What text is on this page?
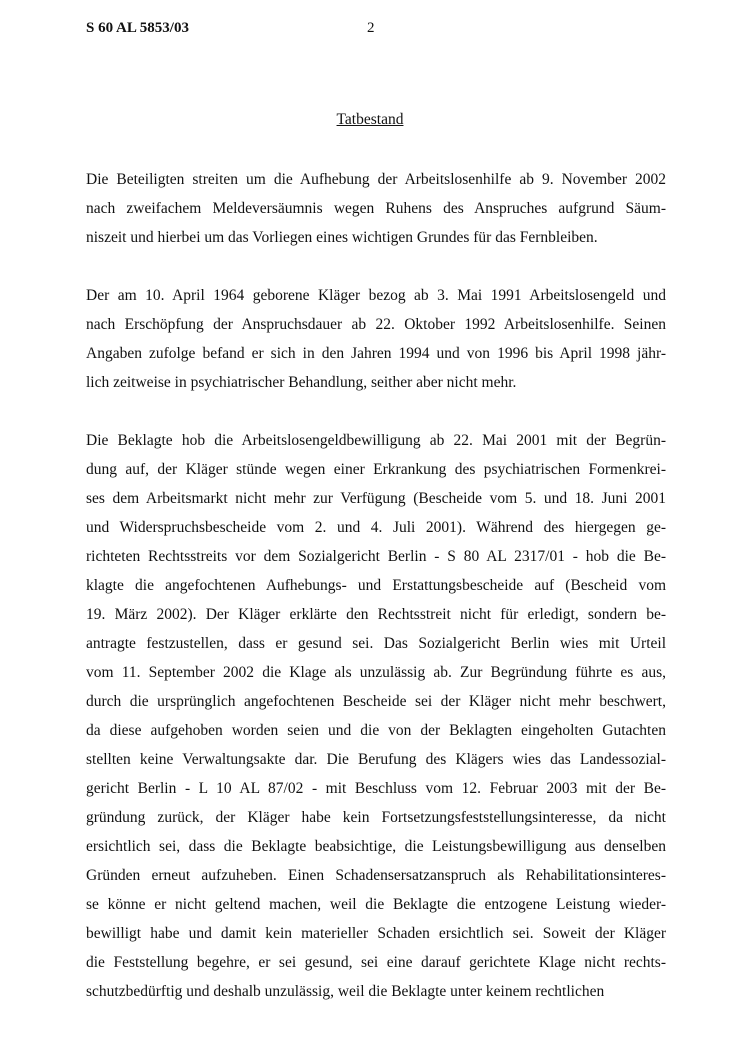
S 60 AL 5853/03	2
Tatbestand
Die Beteiligten streiten um die Aufhebung der Arbeitslosenhilfe ab 9. November 2002
nach zweifachem Meldeversäumnis wegen Ruhens des Anspruches aufgrund Säum-
niszeit und hierbei um das Vorliegen eines wichtigen Grundes für das Fernbleiben.
Der am 10. April 1964 geborene Kläger bezog ab 3. Mai 1991 Arbeitslosengeld und
nach Erschöpfung der Anspruchsdauer ab 22. Oktober 1992 Arbeitslosenhilfe. Seinen
Angaben zufolge befand er sich in den Jahren 1994 und von 1996 bis April 1998 jähr-
lich zeitweise in psychiatrischer Behandlung, seither aber nicht mehr.
Die Beklagte hob die Arbeitslosengeldbewilligung ab 22. Mai 2001 mit der Begrün-
dung auf, der Kläger stünde wegen einer Erkrankung des psychiatrischen Formenkrei-
ses dem Arbeitsmarkt nicht mehr zur Verfügung (Bescheide vom 5. und 18. Juni 2001
und Widerspruchsbescheide vom 2. und 4. Juli 2001). Während des hiergegen ge-
richteten Rechtsstreits vor dem Sozialgericht Berlin - S 80 AL 2317/01 - hob die Be-
klagte die angefochtenen Aufhebungs- und Erstattungsbescheide auf (Bescheid vom
19. März 2002). Der Kläger erklärte den Rechtsstreit nicht für erledigt, sondern be-
antragte festzustellen, dass er gesund sei. Das Sozialgericht Berlin wies mit Urteil
vom 11. September 2002 die Klage als unzulässig ab. Zur Begründung führte es aus,
durch die ursprünglich angefochtenen Bescheide sei der Kläger nicht mehr beschwert,
da diese aufgehoben worden seien und die von der Beklagten eingeholten Gutachten
stellten keine Verwaltungsakte dar. Die Berufung des Klägers wies das Landessozial-
gericht Berlin - L 10 AL 87/02 - mit Beschluss vom 12. Februar 2003 mit der Be-
gründung zurück, der Kläger habe kein Fortsetzungsfeststellungsinteresse, da nicht
ersichtlich sei, dass die Beklagte beabsichtige, die Leistungsbewilligung aus denselben
Gründen erneut aufzuheben. Einen Schadensersatzanspruch als Rehabilitationsinteres-
se könne er nicht geltend machen, weil die Beklagte die entzogene Leistung wieder-
bewilligt habe und damit kein materieller Schaden ersichtlich sei. Soweit der Kläger
die Feststellung begehre, er sei gesund, sei eine darauf gerichtete Klage nicht rechts-
schutzbedürftig und deshalb unzulässig, weil die Beklagte unter keinem rechtlichen
